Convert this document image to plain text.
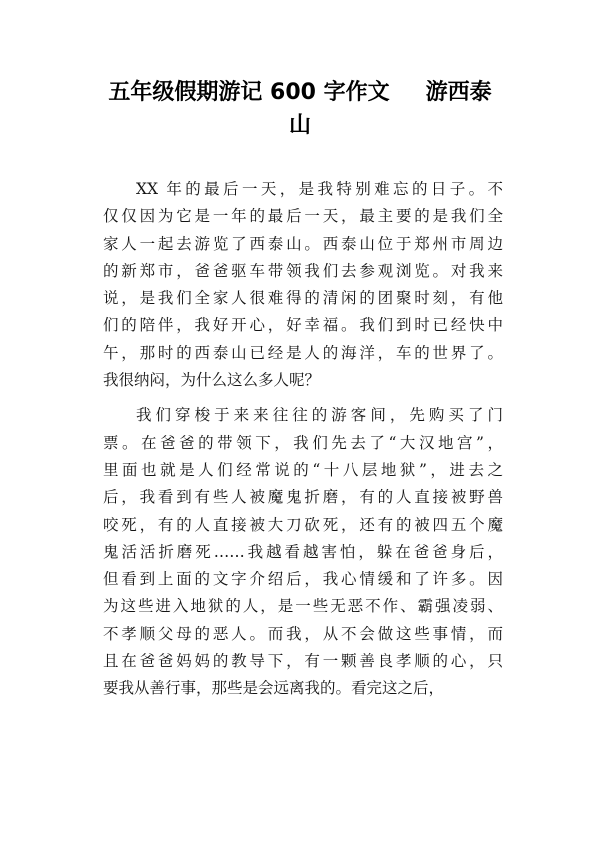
五年级假期游记 600 字作文 游西泰
山
XX 年的最后一天，是我特别难忘的日子。不
仅仅因为它是一年的最后一天，最主要的是我们全
家人一起去游览了西泰山。西泰山位于郑州市周边
的新郑市，爸爸驱车带领我们去参观浏览。对我来
说，是我们全家人很难得的清闲的团聚时刻，有他
们的陪伴，我好开心，好幸福。我们到时已经快中
午，那时的西泰山已经是人的海洋，车的世界了。
我很纳闷，为什么这么多人呢？
我们穿梭于来来往往的游客间，先购买了门
票。在爸爸的带领下，我们先去了“大汉地宫”，
里面也就是人们经常说的“十八层地狱”，进去之
后，我看到有些人被魔鬼折磨，有的人直接被野兽
咬死，有的人直接被大刀砍死，还有的被四五个魔
鬼活活折磨死……我越看越害怕，躲在爸爸身后，
但看到上面的文字介绍后，我心情缓和了许多。因
为这些进入地狱的人，是一些无恶不作、霸强凌弱、
不孝顺父母的恶人。而我，从不会做这些事情，而
且在爸爸妈妈的教导下，有一颗善良孝顺的心，只
要我从善行事，那些是会远离我的。看完这之后，
